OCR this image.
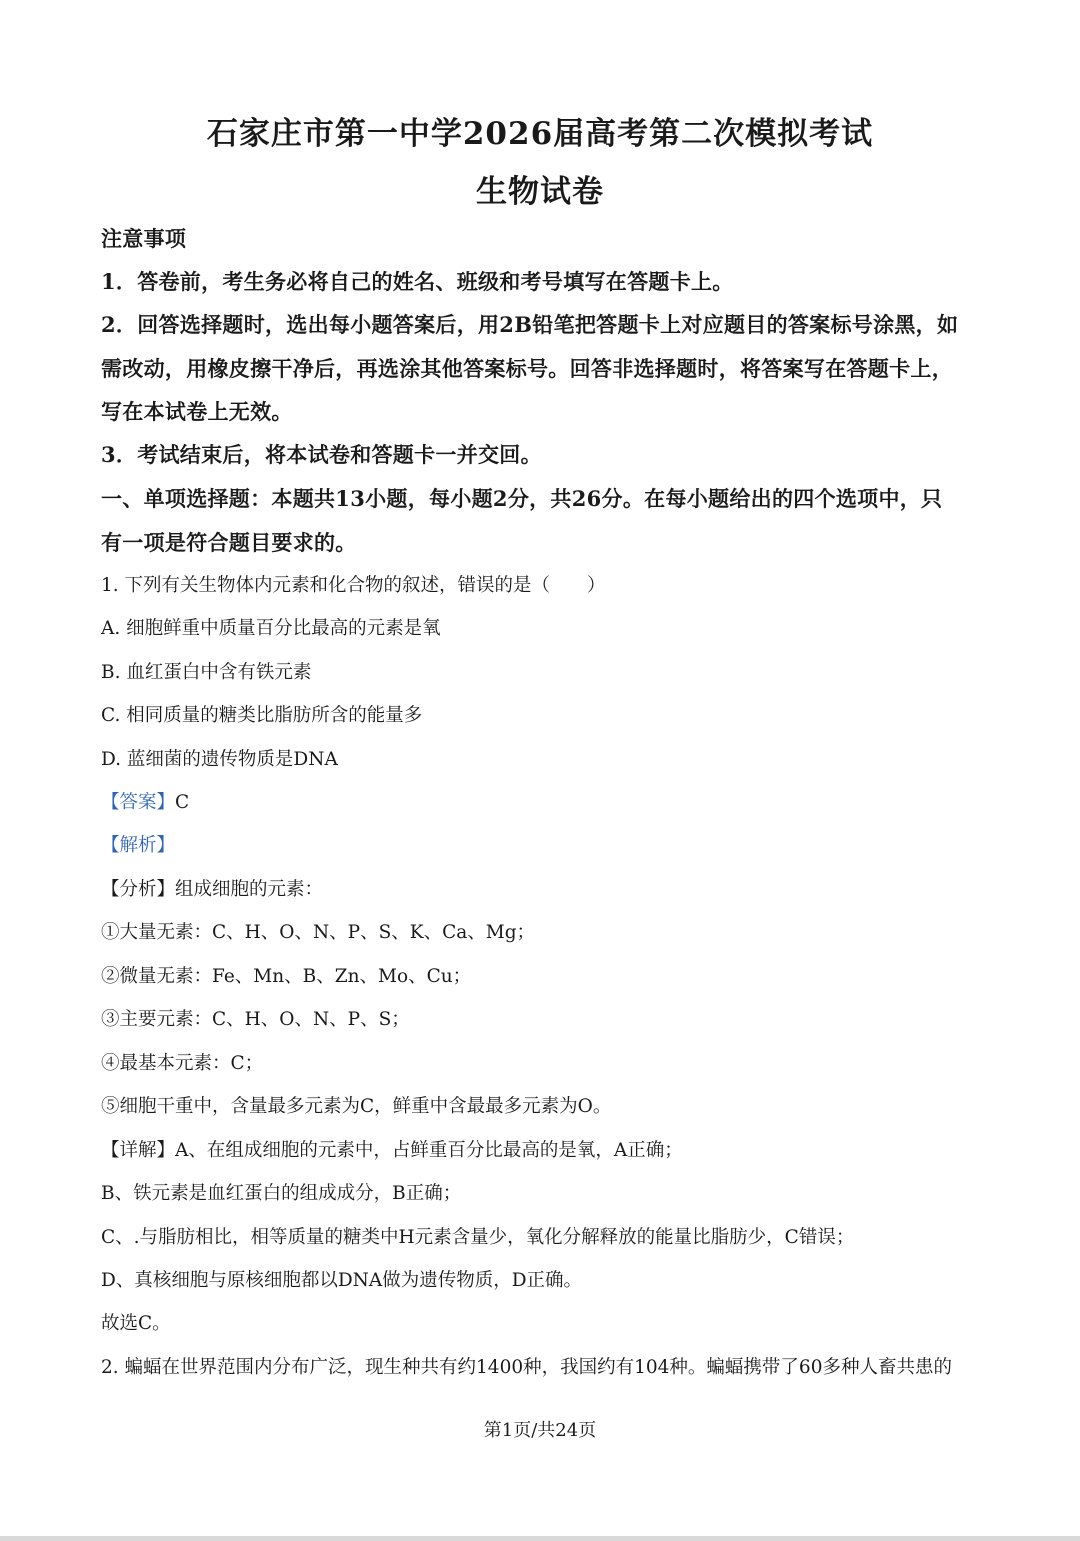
石家庄市第一中学2026届高考第二次模拟考试
生物试卷
注意事项
1．答卷前，考生务必将自己的姓名、班级和考号填写在答题卡上。
2．回答选择题时，选出每小题答案后，用2B铅笔把答题卡上对应题目的答案标号涂黑，如
需改动，用橡皮擦干净后，再选涂其他答案标号。回答非选择题时，将答案写在答题卡上，
写在本试卷上无效。
3．考试结束后，将本试卷和答题卡一并交回。
一、单项选择题：本题共13小题，每小题2分，共26分。在每小题给出的四个选项中，只
有一项是符合题目要求的。
1. 下列有关生物体内元素和化合物的叙述，错误的是（　　）
A. 细胞鲜重中质量百分比最高的元素是氧
B. 血红蛋白中含有铁元素
C. 相同质量的糖类比脂肪所含的能量多
D. 蓝细菌的遗传物质是DNA
【答案】C
【解析】
【分析】组成细胞的元素：
①大量无素：C、H、O、N、P、S、K、Ca、Mg；
②微量无素：Fe、Mn、B、Zn、Mo、Cu；
③主要元素：C、H、O、N、P、S；
④最基本元素：C；
⑤细胞干重中，含量最多元素为C，鲜重中含最最多元素为O。
【详解】A、在组成细胞的元素中，占鲜重百分比最高的是氧，A正确；
B、铁元素是血红蛋白的组成成分，B正确；
C、.与脂肪相比，相等质量的糖类中H元素含量少，氧化分解释放的能量比脂肪少，C错误；
D、真核细胞与原核细胞都以DNA做为遗传物质，D正确。
故选C。
2. 蝙蝠在世界范围内分布广泛，现生种共有约1400种，我国约有104种。蝙蝠携带了60多种人畜共患的
第1页/共24页
